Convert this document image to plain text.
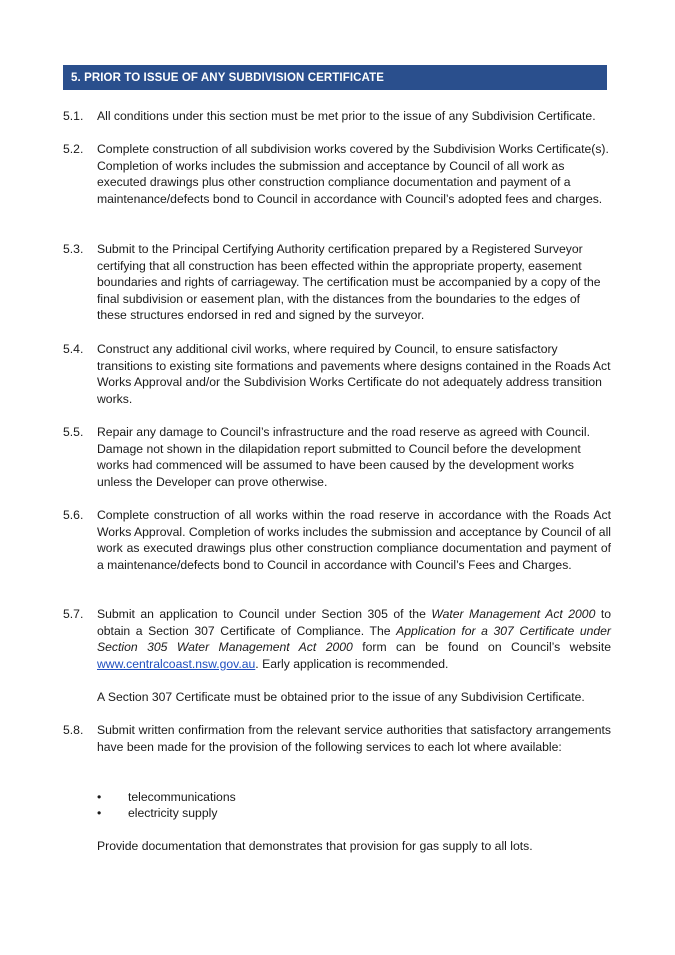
5. PRIOR TO ISSUE OF ANY SUBDIVISION CERTIFICATE
5.1.	All conditions under this section must be met prior to the issue of any Subdivision Certificate.
5.2.	Complete construction of all subdivision works covered by the Subdivision Works Certificate(s). Completion of works includes the submission and acceptance by Council of all work as executed drawings plus other construction compliance documentation and payment of a maintenance/defects bond to Council in accordance with Council’s adopted fees and charges.
5.3.	Submit to the Principal Certifying Authority certification prepared by a Registered Surveyor certifying that all construction has been effected within the appropriate property, easement boundaries and rights of carriageway. The certification must be accompanied by a copy of the final subdivision or easement plan, with the distances from the boundaries to the edges of these structures endorsed in red and signed by the surveyor.
5.4.	Construct any additional civil works, where required by Council, to ensure satisfactory transitions to existing site formations and pavements where designs contained in the Roads Act Works Approval and/or the Subdivision Works Certificate do not adequately address transition works.
5.5.	Repair any damage to Council’s infrastructure and the road reserve as agreed with Council. Damage not shown in the dilapidation report submitted to Council before the development works had commenced will be assumed to have been caused by the development works unless the Developer can prove otherwise.
5.6.	Complete construction of all works within the road reserve in accordance with the Roads Act Works Approval. Completion of works includes the submission and acceptance by Council of all work as executed drawings plus other construction compliance documentation and payment of a maintenance/defects bond to Council in accordance with Council’s Fees and Charges.
5.7.	Submit an application to Council under Section 305 of the Water Management Act 2000 to obtain a Section 307 Certificate of Compliance. The Application for a 307 Certificate under Section 305 Water Management Act 2000 form can be found on Council’s website www.centralcoast.nsw.gov.au. Early application is recommended.
A Section 307 Certificate must be obtained prior to the issue of any Subdivision Certificate.
5.8.	Submit written confirmation from the relevant service authorities that satisfactory arrangements have been made for the provision of the following services to each lot where available:
• telecommunications
• electricity supply
Provide documentation that demonstrates that provision for gas supply to all lots.
